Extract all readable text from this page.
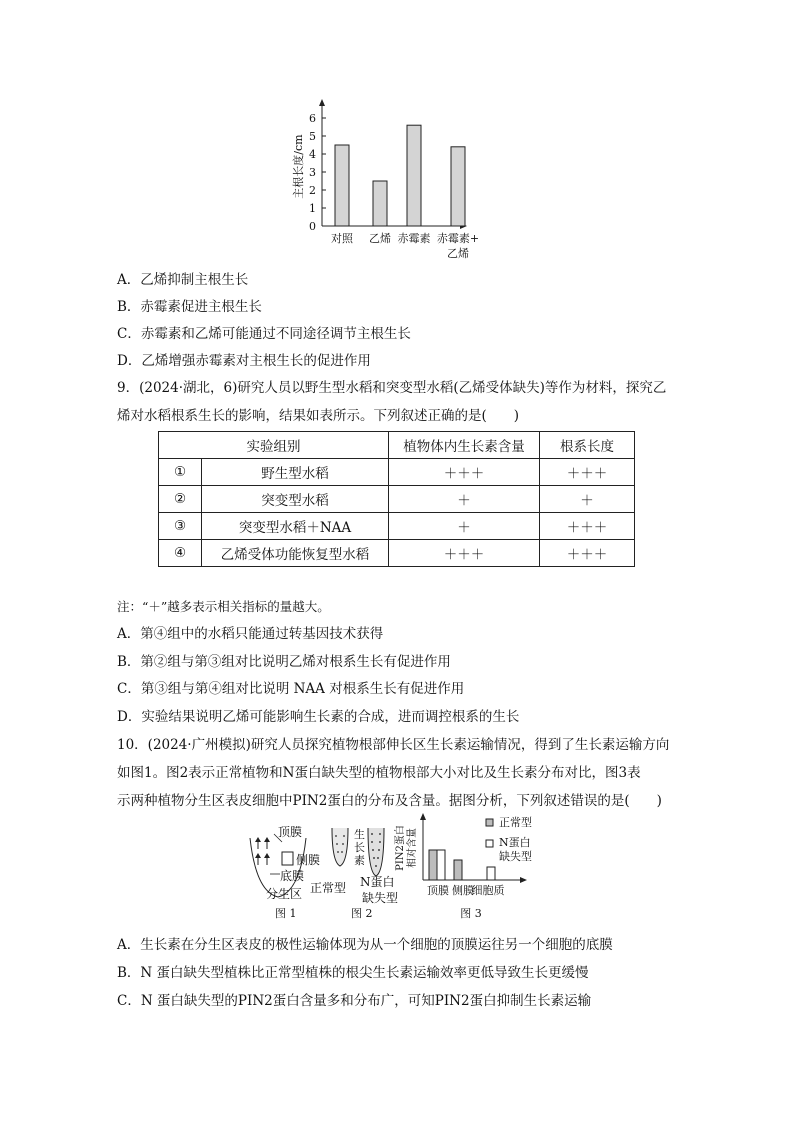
0
1
2
3
4
5
6
主根长度/cm
对照 乙烯 赤霉素 赤霉素+
乙烯
A．乙烯抑制主根生长
B．赤霉素促进主根生长
C．赤霉素和乙烯可能通过不同途径调节主根生长
D．乙烯增强赤霉素对主根生长的促进作用
9．(2024·湖北，6)研究人员以野生型水稻和突变型水稻(乙烯受体缺失)等作为材料，探究乙
烯对水稻根系生长的影响，结果如表所示。下列叙述正确的是(　　)
实验组别		植物体内生长素含量	根系长度
①	野生型水稻	＋＋＋	＋＋＋
②	突变型水稻	＋	＋
③	突变型水稻＋NAA	＋	＋＋＋
④	乙烯受体功能恢复型水稻	＋＋＋	＋＋＋
注：“＋”越多表示相关指标的量越大。
A．第④组中的水稻只能通过转基因技术获得
B．第②组与第③组对比说明乙烯对根系生长有促进作用
C．第③组与第④组对比说明 NAA 对根系生长有促进作用
D．实验结果说明乙烯可能影响生长素的合成，进而调控根系的生长
10．(2024·广州模拟)研究人员探究植物根部伸长区生长素运输情况，得到了生长素运输方向
如图1。图2表示正常植物和N蛋白缺失型的植物根部大小对比及生长素分布对比，图3表
示两种植物分生区表皮细胞中PIN2蛋白的分布及含量。据图分析，下列叙述错误的是(　　)
顶膜
侧膜
底膜
分生区
图 1
生长素
正常型 N蛋白
缺失型
图 2
PIN2蛋白 相对含量
顶膜 侧膜
细胞质
正常型
N蛋白
缺失型
图 3
A．生长素在分生区表皮的极性运输体现为从一个细胞的顶膜运往另一个细胞的底膜
B．N 蛋白缺失型植株比正常型植株的根尖生长素运输效率更低导致生长更缓慢
C．N 蛋白缺失型的PIN2蛋白含量多和分布广，可知PIN2蛋白抑制生长素运输
